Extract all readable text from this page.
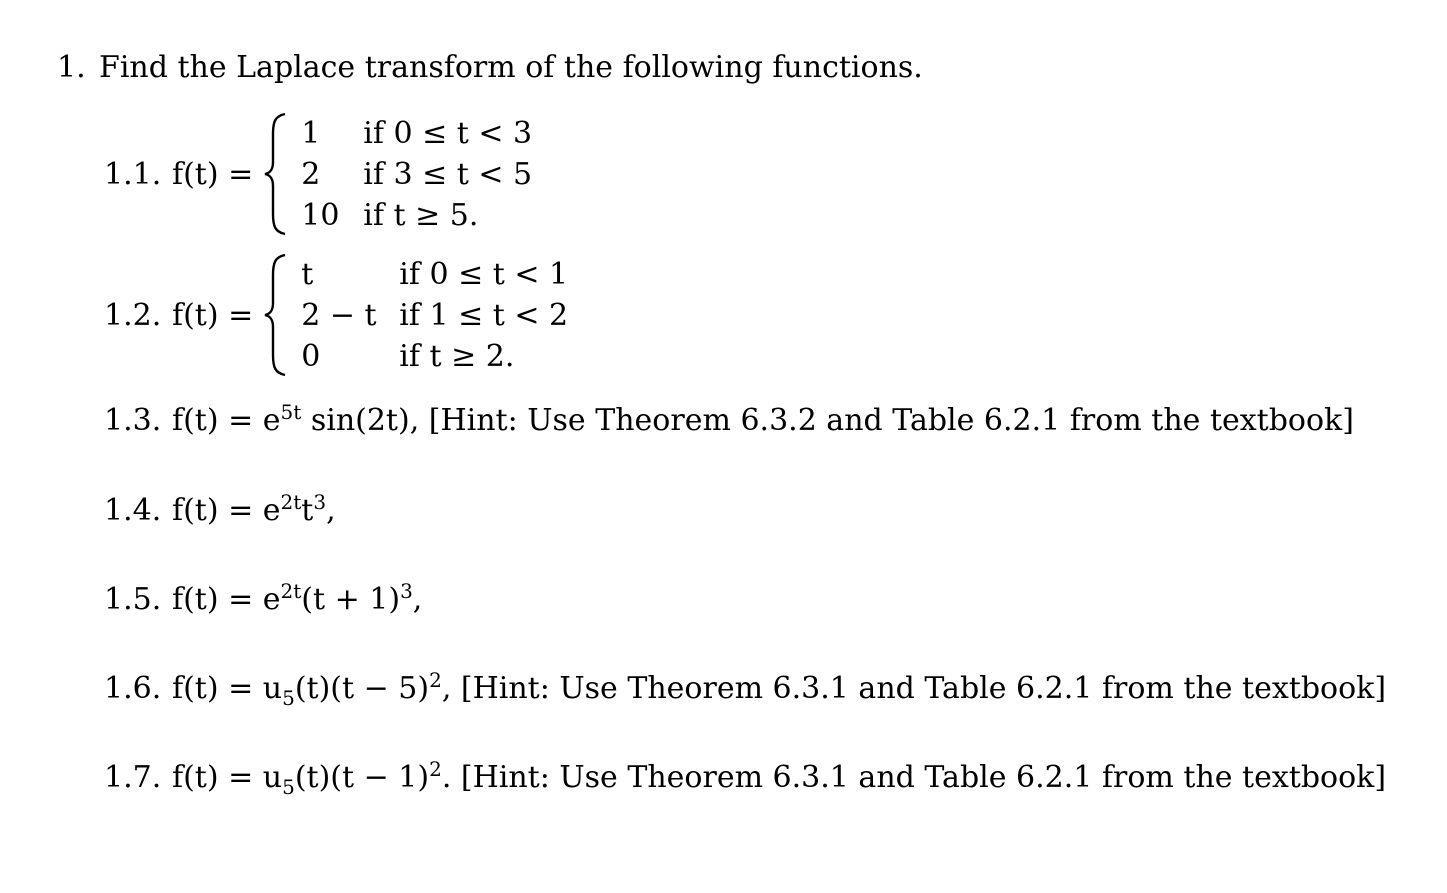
1. Find the Laplace transform of the following functions.
1.1. f(t) =
1	if 0 ≤ t < 3
2	if 3 ≤ t < 5
10 if t ≥ 5.
1.2. f(t) =
t	if 0 ≤ t < 1
2 − t if 1 ≤ t < 2
0	if t ≥ 2.
1.3. $f(t) = e^{5t}$ sin(2t), [Hint: Use Theorem 6.3.2 and Table 6.2.1 from the textbook]
1.4. $f(t) = e^{2t}t^3$,
1.5. $f(t) = e^{2t}(t + 1)^3$,
1.6. $f(t) = u_5(t)(t - 5)^2$, [Hint: Use Theorem 6.3.1 and Table 6.2.1 from the textbook]
1.7. $f(t) = u_5(t)(t - 1)^2$. [Hint: Use Theorem 6.3.1 and Table 6.2.1 from the textbook]
